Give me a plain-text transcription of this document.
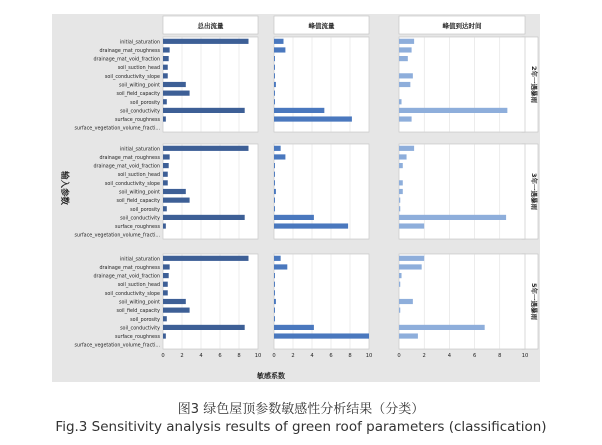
总出流量	峰值流量	峰值到达时间
2年一遇暴雨
3年一遇暴雨
5年一遇暴雨
initial_saturation
drainage_mat_roughness
drainage_mat_void_fraction
soil_suction_head
soil_conductivity_slope
soil_wilting_point
soil_field_capacity
soil_porosity
soil_conductivity
surface_roughness
surface_vegetation_volume_fracti...
initial_saturation
drainage_mat_roughness
drainage_mat_void_fraction
soil_suction_head
soil_conductivity_slope
soil_wilting_point
soil_field_capacity
soil_porosity
soil_conductivity
surface_roughness
surface_vegetation_volume_fracti...
initial_saturation
drainage_mat_roughness
drainage_mat_void_fraction
soil_suction_head
soil_conductivity_slope
soil_wilting_point
soil_field_capacity
soil_porosity
soil_conductivity
surface_roughness
surface_vegetation_volume_fracti...
0	2	4	6	8	10 0	2	4	6	8	10	0	2	4	6	8	10
输入参数
敏感系数
图3 绿色屋顶参数敏感性分析结果（分类）
Fig.3 Sensitivity analysis results of green roof parameters (classification)
